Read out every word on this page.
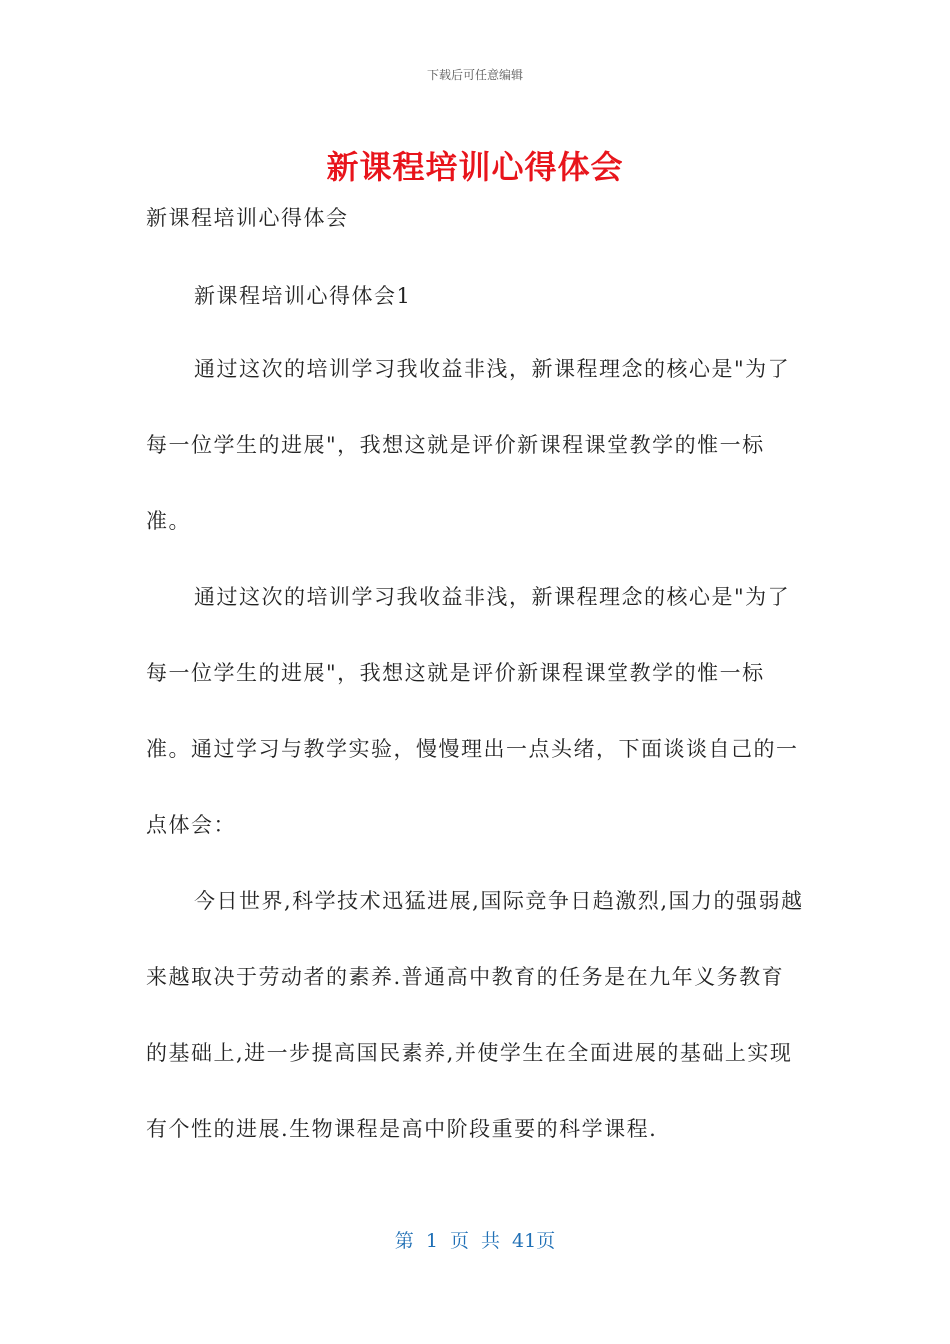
下载后可任意编辑
新课程培训心得体会
新课程培训心得体会
新课程培训心得体会1

通过这次的培训学习我收益非浅，新课程理念的核心是"为了每一位学生的进展"，我想这就是评价新课程课堂教学的惟一标准。

通过这次的培训学习我收益非浅，新课程理念的核心是"为了每一位学生的进展"，我想这就是评价新课程课堂教学的惟一标准。通过学习与教学实验，慢慢理出一点头绪，下面谈谈自己的一点体会：

今日世界,科学技术迅猛进展,国际竞争日趋激烈,国力的强弱越来越取决于劳动者的素养.普通高中教育的任务是在九年义务教育的基础上,进一步提高国民素养,并使学生在全面进展的基础上实现有个性的进展.生物课程是高中阶段重要的科学课程.

第 1 页 共 41页
